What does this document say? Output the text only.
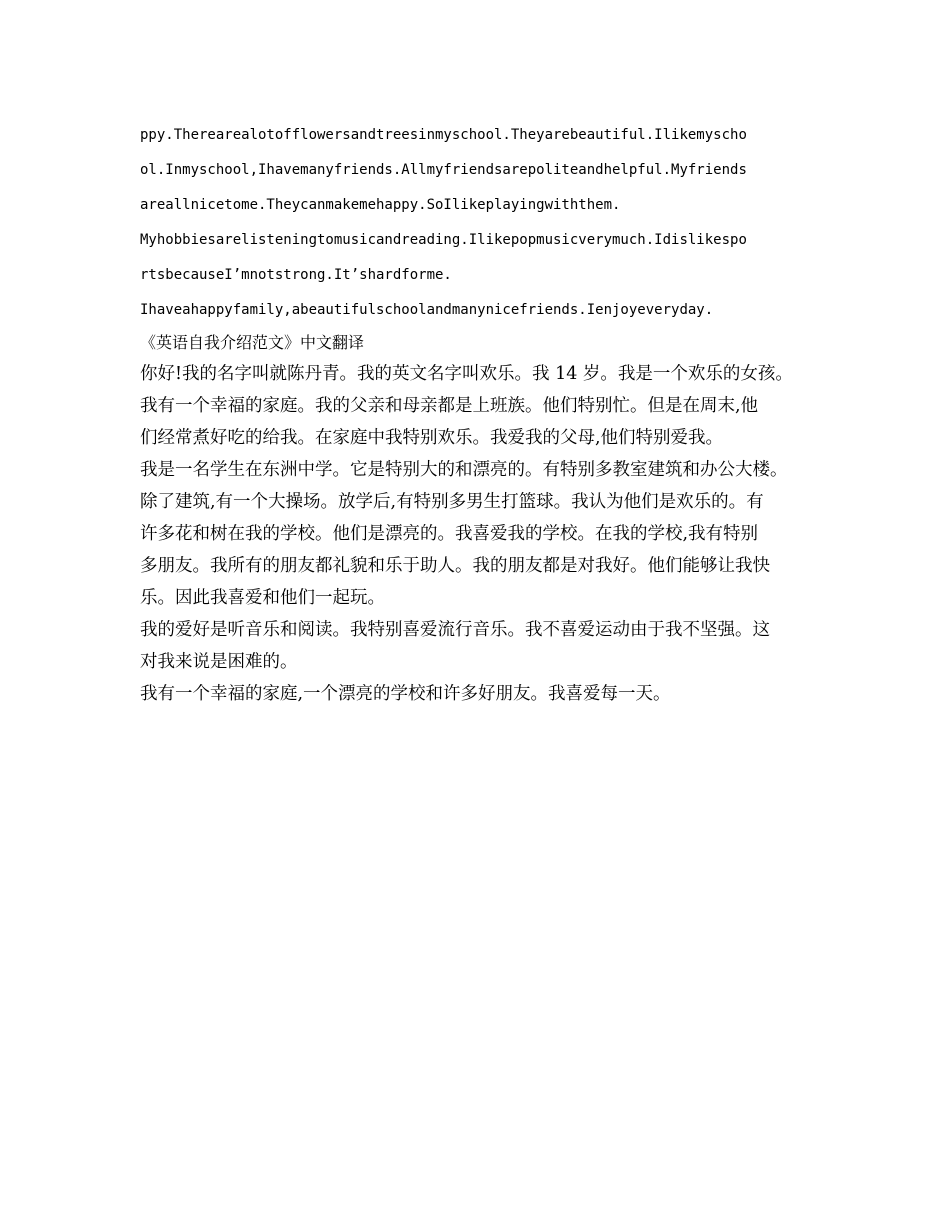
ppy.Therearealotofflowersandtreesinmyschool.Theyarebeautiful.Ilikemyscho
ol.Inmyschool,Ihavemanyfriends.Allmyfriendsarepoliteandhelpful.Myfriends
areallnicetome.Theycanmakemehappy.SoIlikeplayingwiththem.
Myhobbiesarelisteningtomusicandreading.Ilikepopmusicverymuch.Idislikespo
rtsbecauseI’mnotstrong.It’shardforme.
Ihaveahappyfamily,abeautifulschoolandmanynicefriends.Ienjoyeveryday.
《英语自我介绍范文》中文翻译
你好!我的名字叫就陈丹青。我的英文名字叫欢乐。我 14 岁。我是一个欢乐的女孩。
我有一个幸福的家庭。我的父亲和母亲都是上班族。他们特别忙。但是在周末,他
们经常煮好吃的给我。在家庭中我特别欢乐。我爱我的父母,他们特别爱我。
我是一名学生在东洲中学。它是特别大的和漂亮的。有特别多教室建筑和办公大楼。
除了建筑,有一个大操场。放学后,有特别多男生打篮球。我认为他们是欢乐的。有
许多花和树在我的学校。他们是漂亮的。我喜爱我的学校。在我的学校,我有特别
多朋友。我所有的朋友都礼貌和乐于助人。我的朋友都是对我好。他们能够让我快
乐。因此我喜爱和他们一起玩。
我的爱好是听音乐和阅读。我特别喜爱流行音乐。我不喜爱运动由于我不坚强。这
对我来说是困难的。
我有一个幸福的家庭,一个漂亮的学校和许多好朋友。我喜爱每一天。
